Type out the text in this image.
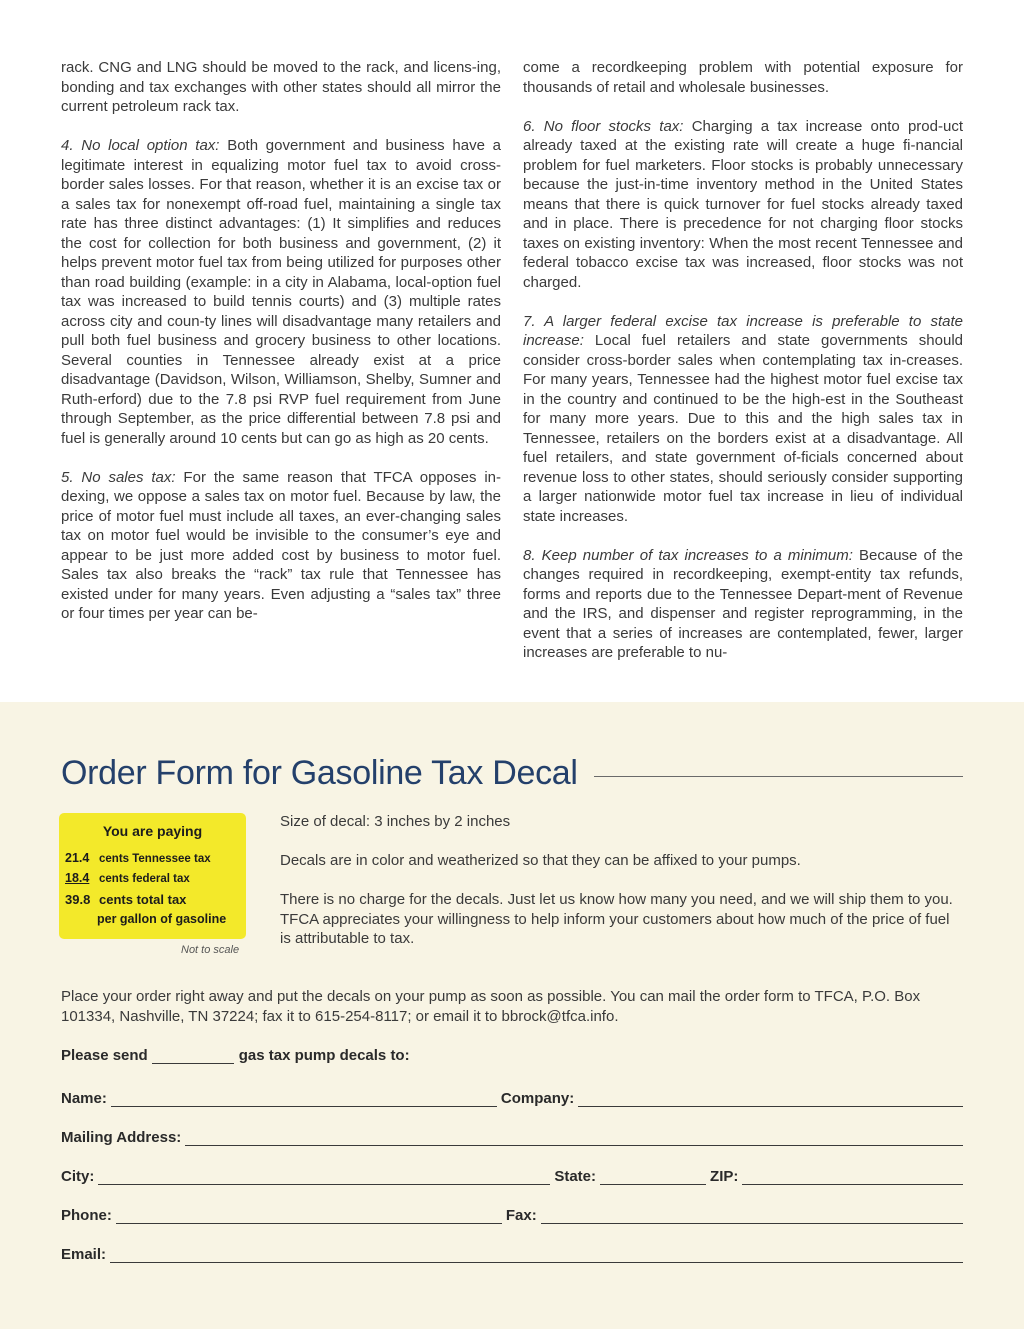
rack. CNG and LNG should be moved to the rack, and licens-ing, bonding and tax exchanges with other states should all mirror the current petroleum rack tax.

4. No local option tax: Both government and business have a legitimate interest in equalizing motor fuel tax to avoid cross-border sales losses. For that reason, whether it is an excise tax or a sales tax for nonexempt off-road fuel, maintaining a single tax rate has three distinct advantages: (1) It simplifies and reduces the cost for collection for both business and government, (2) it helps prevent motor fuel tax from being utilized for purposes other than road building (example: in a city in Alabama, local-option fuel tax was increased to build tennis courts) and (3) multiple rates across city and coun-ty lines will disadvantage many retailers and pull both fuel business and grocery business to other locations. Several counties in Tennessee already exist at a price disadvantage (Davidson, Wilson, Williamson, Shelby, Sumner and Ruth-erford) due to the 7.8 psi RVP fuel requirement from June through September, as the price differential between 7.8 psi and fuel is generally around 10 cents but can go as high as 20 cents.

5. No sales tax: For the same reason that TFCA opposes in-dexing, we oppose a sales tax on motor fuel. Because by law, the price of motor fuel must include all taxes, an ever-changing sales tax on motor fuel would be invisible to the consumer’s eye and appear to be just more added cost by business to motor fuel. Sales tax also breaks the “rack” tax rule that Tennessee has existed under for many years. Even adjusting a “sales tax” three or four times per year can be-

come a recordkeeping problem with potential exposure for thousands of retail and wholesale businesses.

6. No floor stocks tax: Charging a tax increase onto prod-uct already taxed at the existing rate will create a huge fi-nancial problem for fuel marketers. Floor stocks is probably unnecessary because the just-in-time inventory method in the United States means that there is quick turnover for fuel stocks already taxed and in place. There is precedence for not charging floor stocks taxes on existing inventory: When the most recent Tennessee and federal tobacco excise tax was increased, floor stocks was not charged.

7. A larger federal excise tax increase is preferable to state increase: Local fuel retailers and state governments should consider cross-border sales when contemplating tax in-creases. For many years, Tennessee had the highest motor fuel excise tax in the country and continued to be the high-est in the Southeast for many more years. Due to this and the high sales tax in Tennessee, retailers on the borders exist at a disadvantage. All fuel retailers, and state government of-ficials concerned about revenue loss to other states, should seriously consider supporting a larger nationwide motor fuel tax increase in lieu of individual state increases.

8. Keep number of tax increases to a minimum: Because of the changes required in recordkeeping, exempt-entity tax refunds, forms and reports due to the Tennessee Depart-ment of Revenue and the IRS, and dispenser and register reprogramming, in the event that a series of increases are contemplated, fewer, larger increases are preferable to nu-

Order Form for Gasoline Tax Decal
You are paying
21.4 cents Tennessee tax
18.4 cents federal tax
39.8 cents total tax
per gallon of gasoline
Not to scale

Size of decal: 3 inches by 2 inches

Decals are in color and weatherized so that they can be affixed to your pumps.

There is no charge for the decals. Just let us know how many you need, and we will ship them to you. TFCA appreciates your willingness to help inform your customers about how much of the price of fuel is attributable to tax.

Place your order right away and put the decals on your pump as soon as possible. You can mail the order form to TFCA, P.O. Box 101334, Nashville, TN 37224; fax it to 615-254-8117; or email it to bbrock@tfca.info.
Please send	gas tax pump decals to:
Name:	Company:
Mailing Address:
City:	State:	ZIP:
Phone:	Fax:
Email:
